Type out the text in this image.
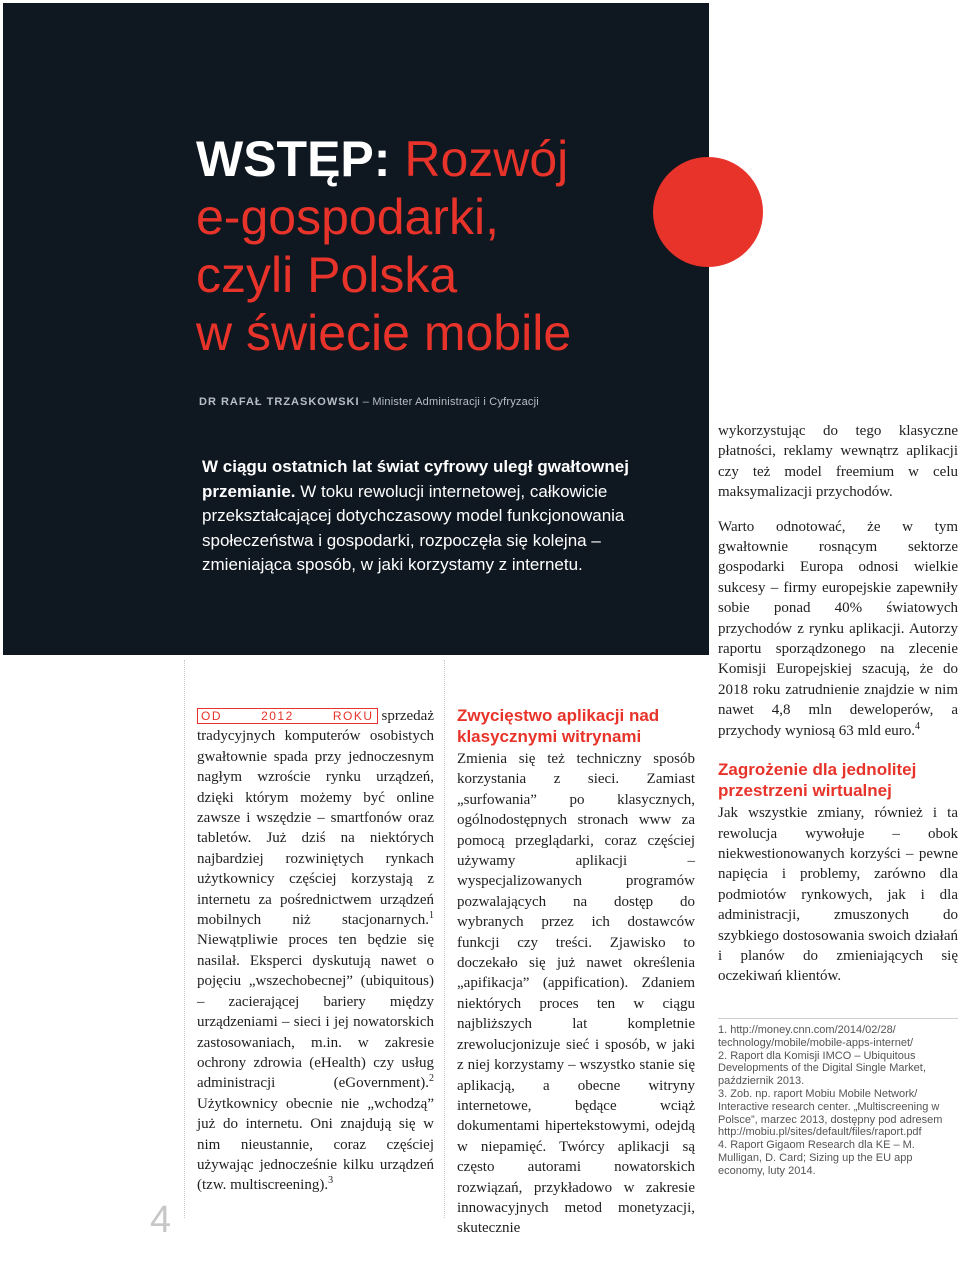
WSTĘP: Rozwój
e-gospodarki,
czyli Polska
w świecie mobile
DR RAFAŁ TRZASKOWSKI – Minister Administracji i Cyfryzacji

W ciągu ostatnich lat świat cyfrowy uległ gwałtownej przemianie. W toku rewolucji internetowej, całkowicie przekształcającej dotychczasowy model funkcjonowania społeczeństwa i gospodarki, rozpoczęła się kolejna – zmieniająca sposób, w jaki korzystamy z internetu.

OD 2012 ROKU sprzedaż tradycyjnych komputerów osobistych gwałtownie spada przy jednoczesnym nagłym wzroście rynku urządzeń, dzięki którym możemy być online zawsze i wszędzie – smartfonów oraz tabletów. Już dziś na niektórych najbardziej rozwiniętych rynkach użytkownicy częściej korzystają z internetu za pośrednictwem urządzeń mobilnych niż stacjonarnych.$^1$ Niewątpliwie proces ten będzie się nasilał. Eksperci dyskutują nawet o pojęciu „wszechobecnej” (ubiquitous) – zacierającej bariery między urządzeniami – sieci i jej nowatorskich zastosowaniach, m.in. w zakresie ochrony zdrowia (eHealth) czy usług administracji (eGovernment).$^2$ Użytkownicy obecnie nie „wchodzą” już do internetu. Oni znajdują się w nim nieustannie, coraz częściej używając jednocześnie kilku urządzeń (tzw. multiscreening).$^3$

Zwycięstwo aplikacji nad klasycznymi witrynami

Zmienia się też techniczny sposób korzystania z sieci. Zamiast „surfowania” po klasycznych, ogólnodostępnych stronach www za pomocą przeglądarki, coraz częściej używamy aplikacji – wyspecjalizowanych programów pozwalających na dostęp do wybranych przez ich dostawców funkcji czy treści. Zjawisko to doczekało się już nawet określenia „apifikacja” (appification). Zdaniem niektórych proces ten w ciągu najbliższych lat kompletnie zrewolucjonizuje sieć i sposób, w jaki z niej korzystamy – wszystko stanie się aplikacją, a obecne witryny internetowe, będące wciąż dokumentami hipertekstowymi, odejdą w niepamięć. Twórcy aplikacji są często autorami nowatorskich rozwiązań, przykładowo w zakresie innowacyjnych metod monetyzacji, skutecznie

wykorzystując do tego klasyczne płatności, reklamy wewnątrz aplikacji czy też model freemium w celu maksymalizacji przychodów.

Warto odnotować, że w tym gwałtownie rosnącym sektorze gospodarki Europa odnosi wielkie sukcesy – firmy europejskie zapewniły sobie ponad 40% światowych przychodów z rynku aplikacji. Autorzy raportu sporządzonego na zlecenie Komisji Europejskiej szacują, że do 2018 roku zatrudnienie znajdzie w nim nawet 4,8 mln deweloperów, a przychody wyniosą 63 mld euro.$^4$

Zagrożenie dla jednolitej przestrzeni wirtualnej

Jak wszystkie zmiany, również i ta rewolucja wywołuje – obok niekwestionowanych korzyści – pewne napięcia i problemy, zarówno dla podmiotów rynkowych, jak i dla administracji, zmuszonych do szybkiego dostosowania swoich działań i planów do zmieniających się oczekiwań klientów.

1. http://money.cnn.com/2014/02/28/ technology/mobile/mobile-apps-internet/
2. Raport dla Komisji IMCO – Ubiquitous Developments of the Digital Single Market, październik 2013.
3. Zob. np. raport Mobiu Mobile Network/ Interactive research center. „Multiscreening w Polsce”, marzec 2013, dostępny pod adresem http://mobiu.pl/sites/default/files/raport.pdf
4. Raport Gigaom Research dla KE – M. Mulligan, D. Card; Sizing up the EU app economy, luty 2014.
4
